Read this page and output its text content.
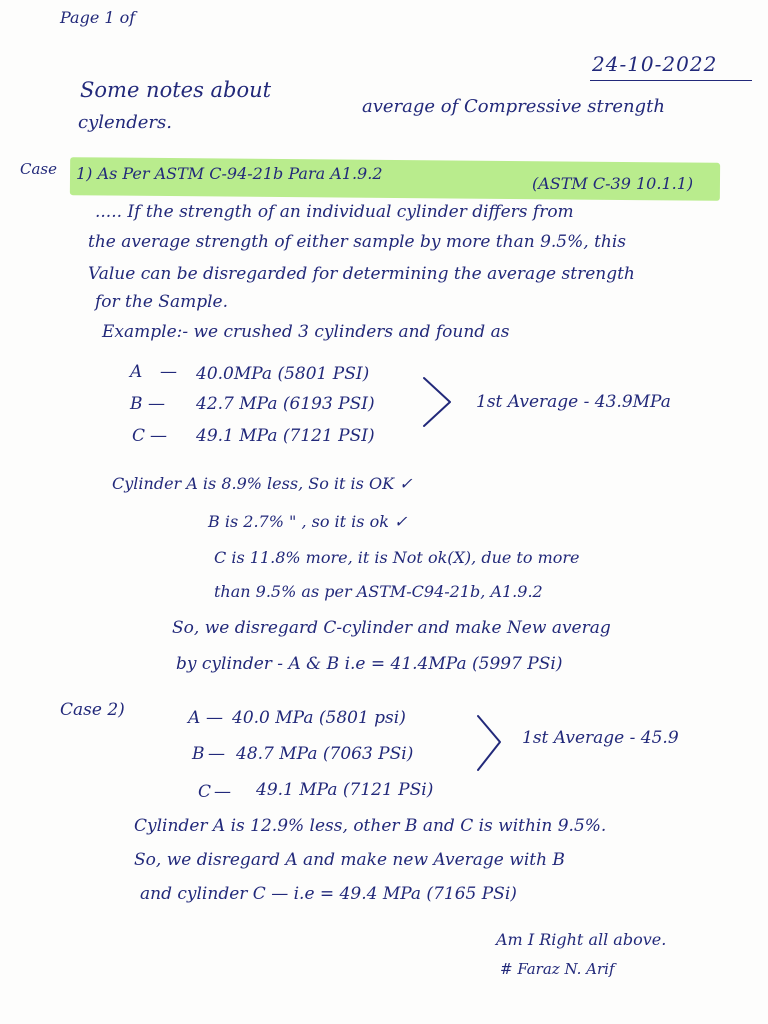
Page 1 of
24-10-2022
Some notes about
average of Compressive strength
cylenders.
Case 1) As Per ASTM C-94-21b Para A1.9.2
(ASTM C-39 10.1.1)
..... If the strength of an individual cylinder differs from
the average strength of either sample by more than 9.5%, this
Value can be disregarded for determining the average strength
for the Sample.
Example:- we crushed 3 cylinders and found as
A — 40.0MPa (5801 PSI)
B — 42.7 MPa (6193 PSI)
C — 49.1 MPa (7121 PSI)
1st Average - 43.9MPa
Cylinder A is 8.9% less, So it is OK ✓
B is 2.7% " , so it is ok ✓
C is 11.8% more, it is Not ok(X), due to more
than 9.5% as per ASTM-C94-21b, A1.9.2
So, we disregard C-cylinder and make New averag
by cylinder - A & B i.e = 41.4MPa (5997 PSi)
Case 2)	A — 40.0 MPa (5801 psi)
B — 48.7 MPa (7063 PSi)
C — 49.1 MPa (7121 PSi)
1st Average - 45.9
Cylinder A is 12.9% less, other B and C is within 9.5%.
So, we disregard A and make new Average with B
and cylinder C — i.e = 49.4 MPa (7165 PSi)
Am I Right all above.
# Faraz N. Arif
